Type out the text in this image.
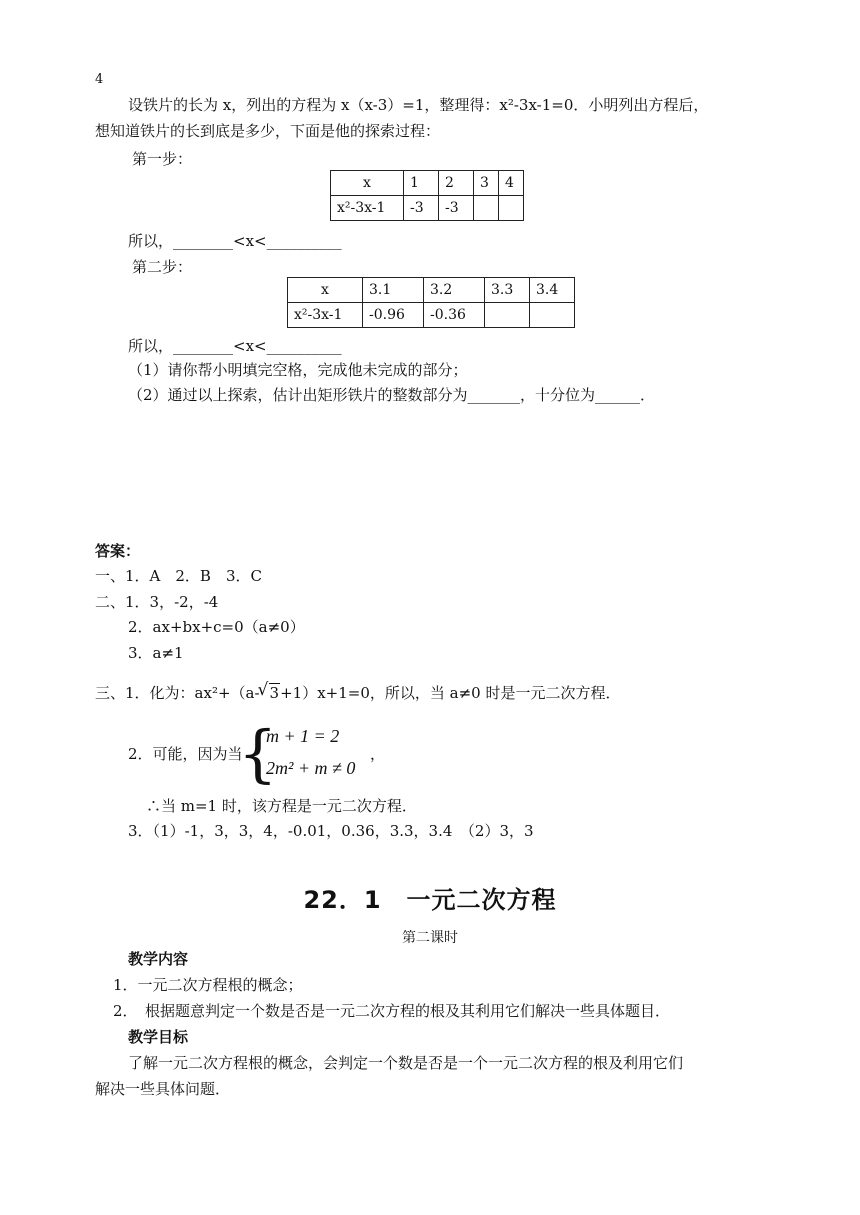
4
设铁片的长为 x，列出的方程为 x（x-3）=1，整理得：x²-3x-1=0．小明列出方程后，
想知道铁片的长到底是多少，下面是他的探索过程：
第一步：
x	1	2	3	4
x²-3x-1	-3	-3		
所以，________<x<__________
第二步：
x	3.1	3.2	3.3	3.4
x²-3x-1	-0.96	-0.36		
所以，________<x<__________
（1）请你帮小明填完空格，完成他未完成的部分；
（2）通过以上探索，估计出矩形铁片的整数部分为_______，十分位为______．
答案：
一、1．A　2．B　3．C
二、1．3，-2，-4
2．ax+bx+c=0（a≠0）
3．a≠1
三、1．化为：ax²+（a- √ 3+1）x+1=0，所以，当 a≠0 时是一元二次方程．
2．可能，因为当
{
m + 1 = 2
2m² + m ≠ 0
，
∴当 m=1 时，该方程是一元二次方程．
3．（1）-1，3，3，4，-0.01，0.36，3.3，3.4　（2）3，3
22．1　一元二次方程
第二课时
教学内容
1．一元二次方程根的概念；
2．　根据题意判定一个数是否是一元二次方程的根及其利用它们解决一些具体题目．
教学目标
了解一元二次方程根的概念，会判定一个数是否是一个一元二次方程的根及利用它们
解决一些具体问题．
